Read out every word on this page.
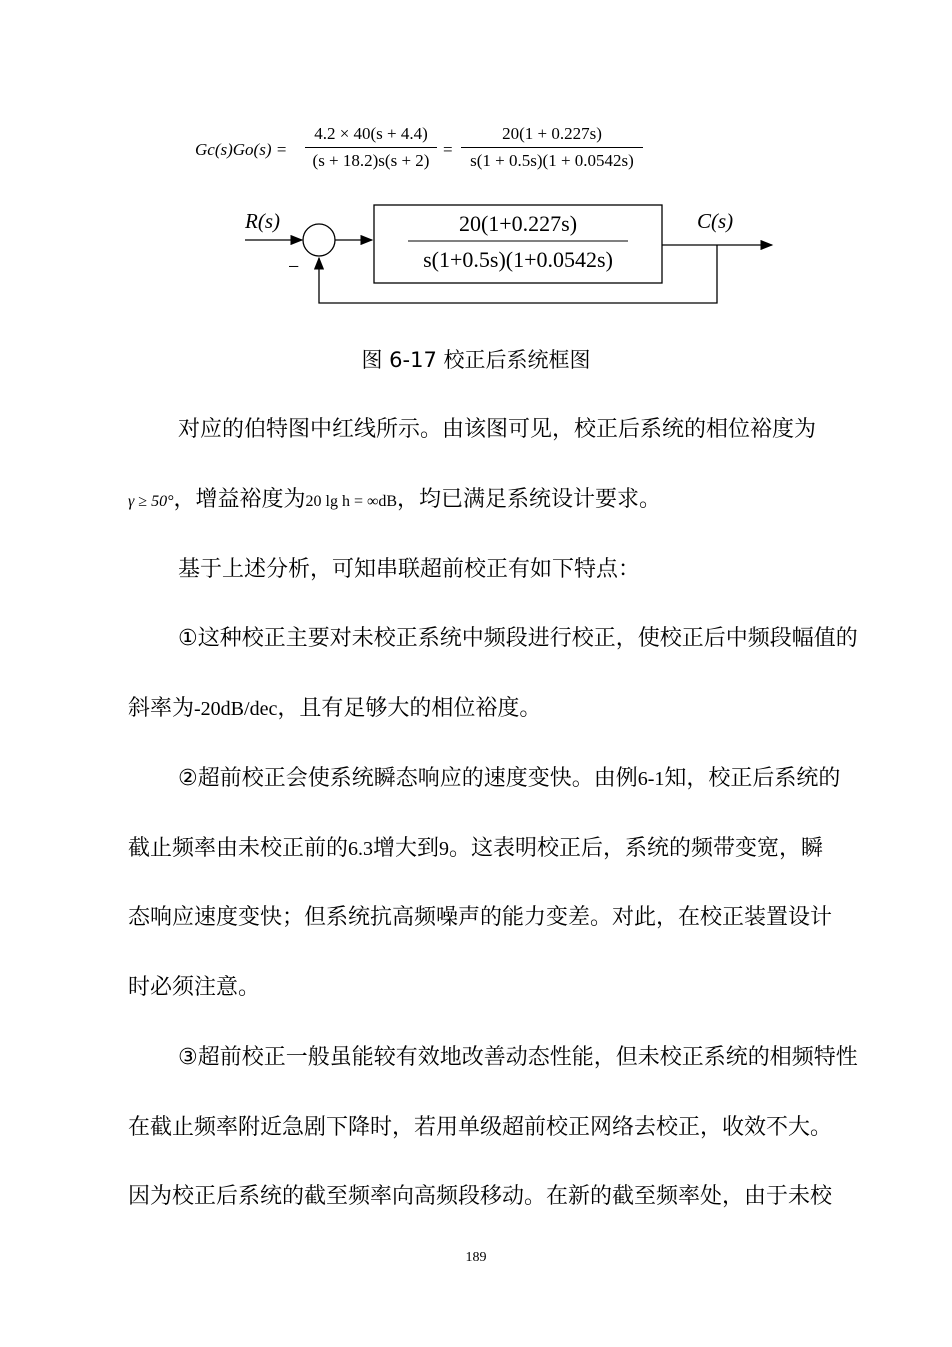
$Gc(s)Go(s) = \frac{4.2 \times 40(s + 4.4)}{(s + 18.2)s(s + 2)} = \frac{20(1 + 0.227s)}{s(1 + 0.5s)(1 + 0.0542s)}$
R(s)
−
20(1+0.227s)
s(1+0.5s)(1+0.0542s)
C(s)
图 6-17 校正后系统框图
对应的伯特图中红线所示。由该图可见，校正后系统的相位裕度为
γ ≥ 50°，增益裕度为20 lg h = ∞dB，均已满足系统设计要求。
基于上述分析，可知串联超前校正有如下特点：
①这种校正主要对未校正系统中频段进行校正，使校正后中频段幅值的
斜率为-20dB/dec，且有足够大的相位裕度。
②超前校正会使系统瞬态响应的速度变快。由例6-1知，校正后系统的
截止频率由未校正前的6.3增大到9。这表明校正后，系统的频带变宽，瞬
态响应速度变快；但系统抗高频噪声的能力变差。对此，在校正装置设计
时必须注意。
③超前校正一般虽能较有效地改善动态性能，但未校正系统的相频特性
在截止频率附近急剧下降时，若用单级超前校正网络去校正，收效不大。
因为校正后系统的截至频率向高频段移动。在新的截至频率处，由于未校
189
